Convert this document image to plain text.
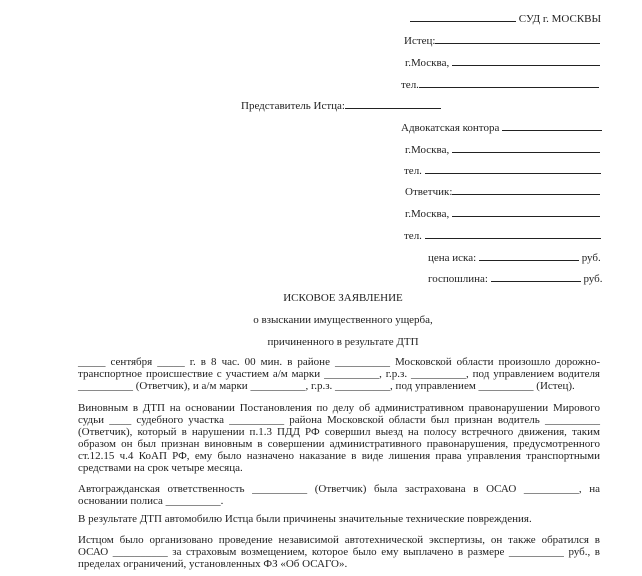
СУД г. МОСКВЫ
Истец:
г.Москва,
тел.
Представитель Истца:
Адвокатская контора
г.Москва,
тел.
Ответчик:
г.Москва,
тел.
цена иска:	руб.
госпошлина:	руб.
ИСКОВОЕ ЗАЯВЛЕНИЕ
о взыскании имущественного ущерба,
причиненного в результате ДТП

_____ сентября _____ г. в 8 час. 00 мин. в районе __________ Московской области произошло дорожно-транспортное происшествие с участием а/м марки __________, г.р.з. __________, под управлением водителя __________ (Ответчик), и а/м марки __________, г.р.з. __________, под управлением __________ (Истец).

Виновным в ДТП на основании Постановления по делу об административном правонарушении Мирового судьи ____ судебного участка __________ района Московской области был признан водитель __________ (Ответчик), который в нарушении п.1.3 ПДД РФ совершил выезд на полосу встречного движения, таким образом он был признан виновным в совершении административного правонарушения, предусмотренного ст.12.15 ч.4 КоАП РФ, ему было назначено наказание в виде лишения права управления транспортными средствами на срок четыре месяца.

Автогражданская ответственность __________ (Ответчик) была застрахована в ОСАО __________, на основании полиса __________.

В результате ДТП автомобилю Истца были причинены значительные технические повреждения.

Истцом было организовано проведение независимой автотехнической экспертизы, он также обратился в ОСАО __________ за страховым возмещением, которое было ему выплачено в размере __________ руб., в пределах ограничений, установленных ФЗ «Об ОСАГО».
